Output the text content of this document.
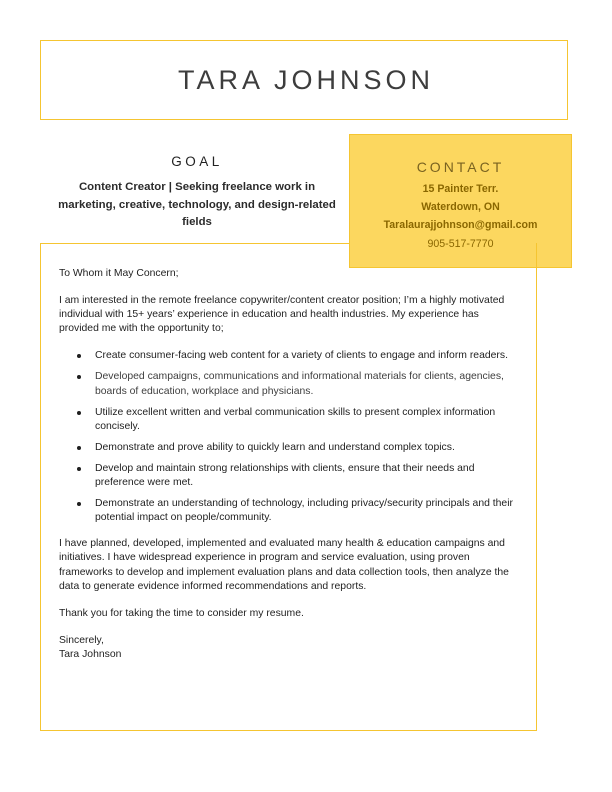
TARA JOHNSON
GOAL
Content Creator | Seeking freelance work in marketing, creative, technology, and design-related fields
CONTACT
15 Painter Terr.
Waterdown, ON
Taralaurajjohnson@gmail.com
905-517-7770

To Whom it May Concern;

I am interested in the remote freelance copywriter/content creator position; I’m a highly motivated individual with 15+ years’ experience in education and health industries. My experience has provided me with the opportunity to;

Create consumer-facing web content for a variety of clients to engage and inform readers.
Developed campaigns, communications and informational materials for clients, agencies, boards of education, workplace and physicians.
Utilize excellent written and verbal communication skills to present complex information concisely.
Demonstrate and prove ability to quickly learn and understand complex topics.
Develop and maintain strong relationships with clients, ensure that their needs and preference were met.
Demonstrate an understanding of technology, including privacy/security principals and their potential impact on people/community.

I have planned, developed, implemented and evaluated many health & education campaigns and initiatives. I have widespread experience in program and service evaluation, using proven frameworks to develop and implement evaluation plans and data collection tools, then analyze the data to generate evidence informed recommendations and reports.

Thank you for taking the time to consider my resume.

Sincerely,

Tara Johnson
